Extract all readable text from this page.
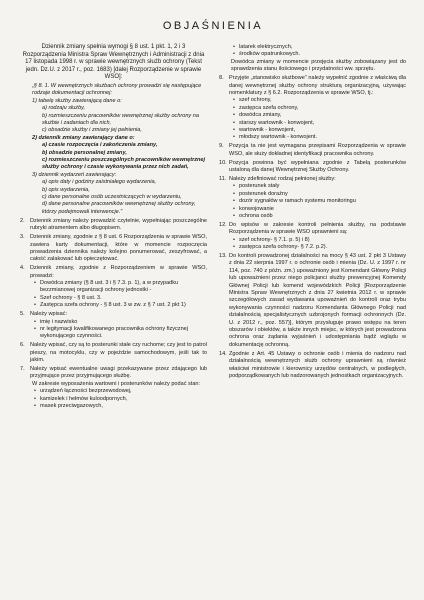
OBJAŚNIENIA

Dziennik zmiany spełnia wymogi § 8 ust. 1 pkt. 1, 2 i 3 Rozporządzenia Ministra Spraw Wewnętrznych i Administracji z dnia 17 listopada 1998 r. w sprawie wewnętrznych służb ochrony (Tekst jedn. Dz.U. z 2017 r., poz. 1683) [dalej Rozporządzenie w sprawie WSO]:

„§ 8. 1. W wewnętrznych służbach ochrony prowadzi się następujące rodzaje dokumentacji ochronnej:

1) tabelę służby zawierającą dane o:

a) rodzaju służby,

b) rozmieszczeniu pracowników wewnętrznej służby ochrony na służbie i zadaniach dla nich,

c) obsadzie służby i zmiany jej pełnienia,

2) dziennik zmiany zawierający dane o:

a) czasie rozpoczęcia i zakończenia zmiany,

b) obsadzie personalnej zmiany,

c) rozmieszczeniu poszczególnych pracowników wewnętrznej służby ochrony i czasie wykonywania przez nich zadań,

3) dziennik wydarzeń zawierający:

a) opis daty i godziny zaistniałego wydarzenia,

b) opis wydarzenia,

c) dane personalne osób uczestniczących w wydarzeniu,

d) dane personalne pracowników wewnętrznej służby ochrony, którzy podejmowali interwencje."

2. Dziennik zmiany należy prowadzić czytelnie, wypełniając poszczególne rubryki atramentem albo długopisem.
3. Dziennik zmiany, zgodnie z § 8 ust. 6 Rozporządzenia w sprawie WSO, zawiera karty dokumentacji, które w momencie rozpoczęcia prowadzenia dziennika należy kolejno ponumerować, zeszyfrować, a całość zalakować lub opieczętować.
4. Dziennik zmiany, zgodnie z Rozporządzeniem w sprawie WSO, prowadzi:
• Dowódca zmiany (§ 8 ust. 3 i § 7.3. p. 1), a w przypadku bezzmianowej organizacji ochrony jednostki -
• Szef ochrony - § 8 ust. 3.
• Zastępca szefa ochrony - § 8 ust. 3 w zw. z § 7 ust. 2 pkt 1)
5. Należy wpisać:
• imię i nazwisko
• nr legitymacji kwalifikowanego pracownika ochrony fizycznej wykonującego czynności.
6. Należy wpisać, czy są to posterunki stałe czy ruchome; czy jest to patrol pieszy, na motocyklu, czy w pojeździe samochodowym, jeśli tak to jakim.
7. Należy wpisać ewentualne uwagi przekazywane przez zdającego lub przyjmujące przez przyjmującego służbę.

W zakresie wyposażenia wartowni i posterunków należy podać stan:

• urządzeń łączności bezprzewodowej,
• kamizelek i hełmów kuloodpornych,
• masek przeciwgazowych,
• latarek elektrycznych,
• środków opatrunkowych.

Dowódca zmiany w momencie przejęcia służby zobowiązany jest do sprawdzenia stanu ilościowego i przydatności ww. sprzętu.

8. Przyjęte „stanowisko służbowe” należy wypełnić zgodnie z właściwą dla danej wewnętrznej służby ochrony strukturą organizacyjną, używając nomenklatury z § 6.2. Rozporządzenia w sprawie WSO, tj.:
• szef ochrony,
• zastępca szefa ochrony,
• dowódca zmiany,
• starszy wartownik - konwojent,
• wartownik - konwojent,
• młodszy wartownik - konwojent.
9. Pozycja ta nie jest wymagana przepisami Rozporządzenia w sprawie WSO, ale służy dokładnej identyfikacji pracownika ochrony.
10. Pozycja powinna być wypełniana zgodnie z Tabelą posterunków ustaloną dla danej Wewnętrznej Służby Ochrony.
11. Należy zdefiniować rodzaj pełnionej służby:
• posterunek stały
• posterunek doraźny
• dozór sygnałów w ramach systemu monitoringu
• konwojowanie
• ochrona osób
12. Do wpisów w zakresie kontroli pełnienia służby, na podstawie Rozporządzenia w sprawie WSO uprawnieni są:
• szef ochrony- § 7.1. p. 5) i 8)
• zastępca szefa ochrony- § 7.2. p.2).
13. Do kontroli prowadzonej działalności na mocy § 43 ust. 2 pkt 3 Ustawy z dnia 22 sierpnia 1997 r. o ochronie osób i mienia (Dz. U. z 1997 r. nr 114, poz. 740 z późn. zm.) upoważniony jest Komendant Główny Policji lub upoważnieni przez niego policjanci służby prewencyjnej Komendy Głównej Policji lub komend wojewódzkich Policji [Rozporządzenie Ministra Spraw Wewnętrznych z dnia 27 kwietnia 2012 r. w sprawie szczegółowych zasad wydawania upoważnień do kontroli oraz trybu wykonywania czynności nadzoru Komendanta Głównego Policji nad działalnością specjalistycznych uzbrojonych formacji ochronnych (Dz. U. z 2012 r., poz. 557)], którym przysługuje prawo wstępu na teren obszarów i obiektów, a także innych miejsc, w których jest prowadzona ochrona oraz żądania wyjaśnień i udostępniania bądź wglądu w dokumentację ochronną.
14. Zgodnie z Art. 45 Ustawy o ochronie osób i mienia do nadzoru nad działalnością wewnętrznych służb ochrony uprawnieni są również właściwi ministrowie i kierownicy urzędów centralnych, w podległych, podporządkowanych lub nadzorowanych jednostkach organizacyjnych.
